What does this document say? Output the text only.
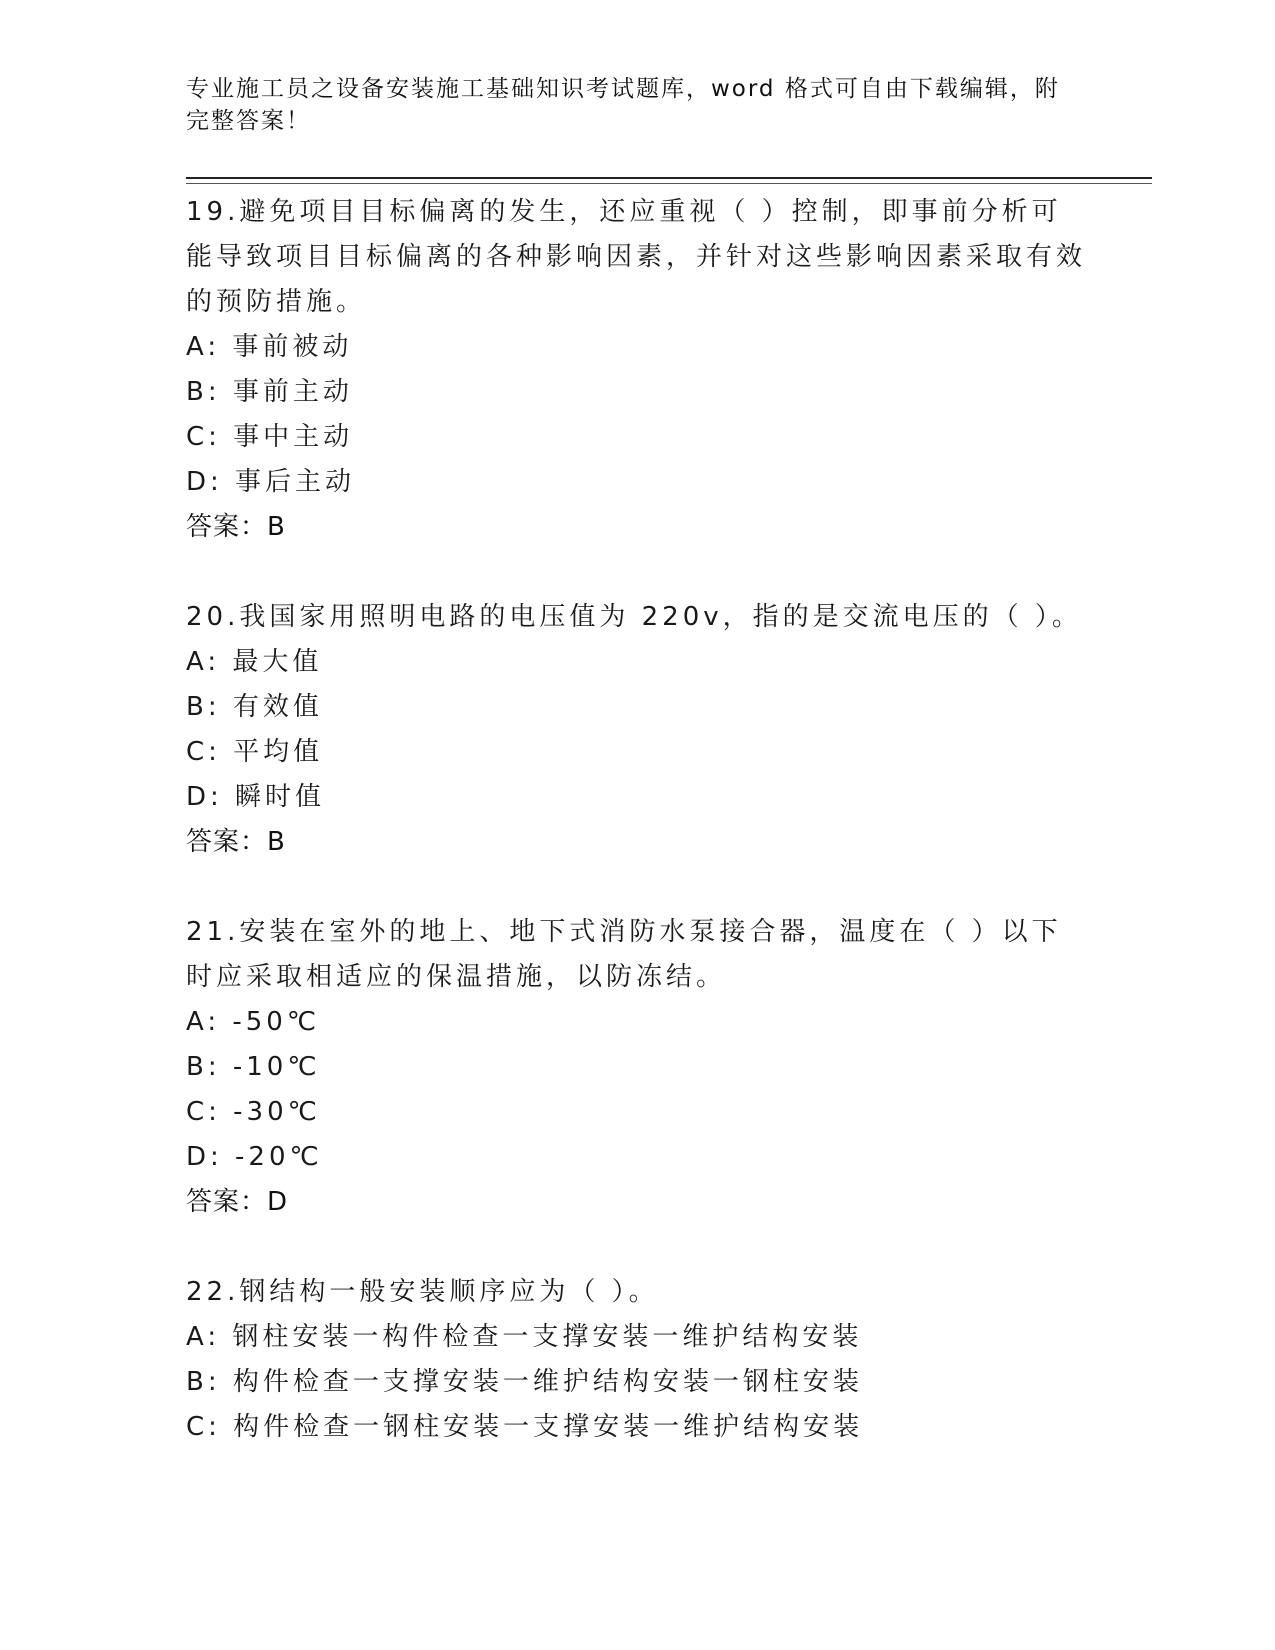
专业施工员之设备安装施工基础知识考试题库，word 格式可自由下载编辑，附完整答案！

19.避免项目目标偏离的发生，还应重视（ ）控制，即事前分析可能导致项目目标偏离的各种影响因素，并针对这些影响因素采取有效的预防措施。

A: 事前被动

B: 事前主动

C: 事中主动

D: 事后主动

答案：B

20.我国家用照明电路的电压值为 220v，指的是交流电压的（ ）。

A: 最大值

B: 有效值

C: 平均值

D: 瞬时值

答案：B

21.安装在室外的地上、地下式消防水泵接合器，温度在（ ）以下时应采取相适应的保温措施，以防冻结。

A: -50℃

B: -10℃

C: -30℃

D: -20℃

答案：D

22.钢结构一般安装顺序应为（ ）。

A: 钢柱安装一构件检查一支撑安装一维护结构安装

B: 构件检查一支撑安装一维护结构安装一钢柱安装

C: 构件检查一钢柱安装一支撑安装一维护结构安装
